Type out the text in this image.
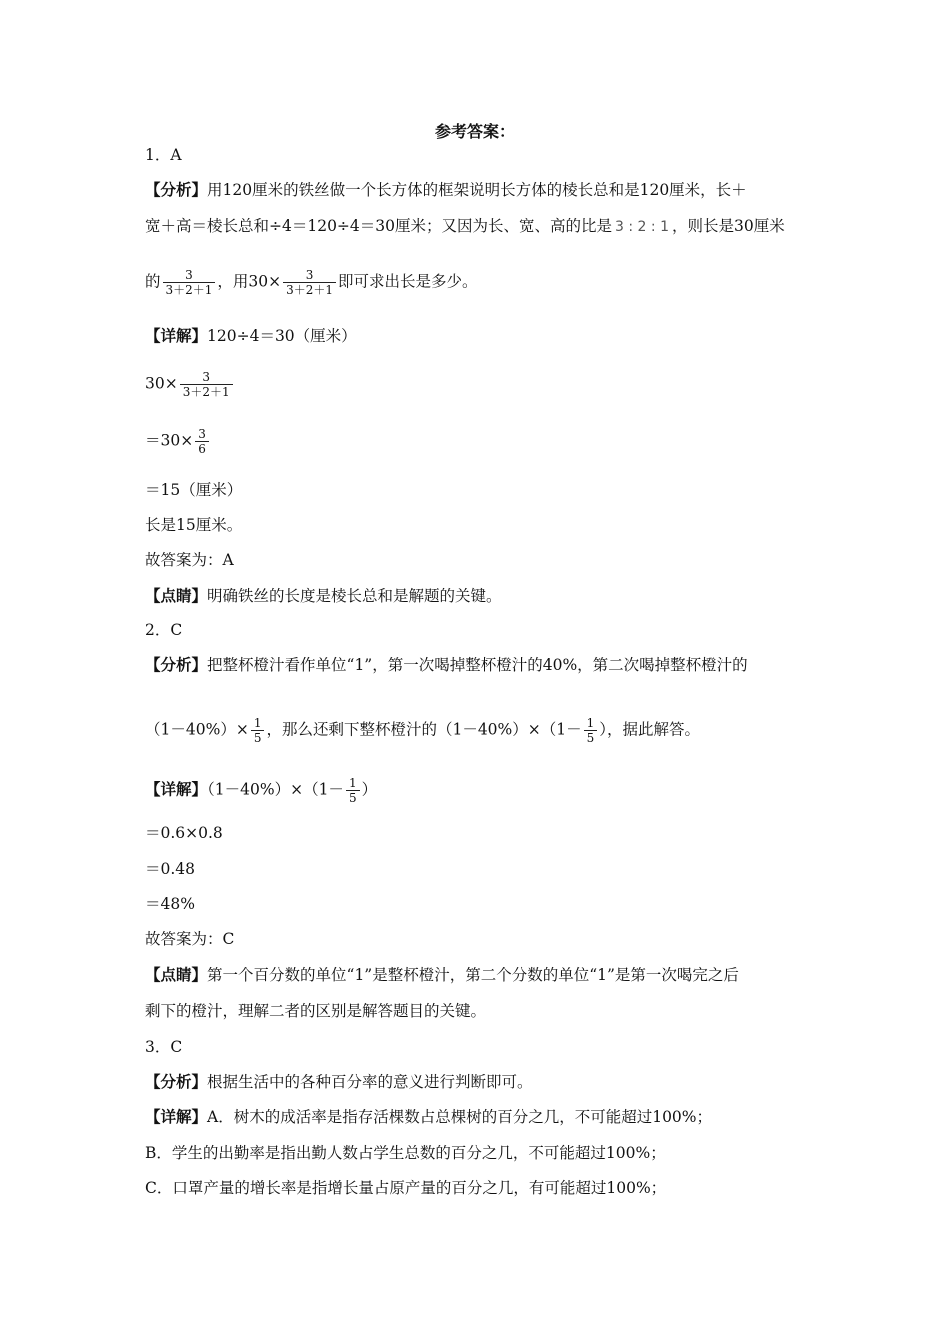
参考答案：
1．A
【分析】用120厘米的铁丝做一个长方体的框架说明长方体的棱长总和是120厘米，长＋
宽＋高＝棱长总和÷4＝120÷4＝30厘米；又因为长、宽、高的比是 3 : 2 : 1 ，则长是30厘米
的 $\frac{3}{3+2+1}$ ，用$30\times \frac{3}{3+2+1}$ 即可求出长是多少。
【详解】120÷4＝30（厘米）
$30\times \frac{3}{3+2+1}$
$=30\times \frac{3}{6}$
＝15（厘米）
长是15厘米。
故答案为：A
【点睛】明确铁丝的长度是棱长总和是解题的关键。
2．C
【分析】把整杯橙汁看作单位“1”，第一次喝掉整杯橙汁的40%，第二次喝掉整杯橙汁的
$(1-40\%)\times \frac{1}{5}$ ，那么还剩下整杯橙汁的$(1-40\%)\times(1- \frac{1}{5}$ ），据此解答。
【详解】$(1-40\%)\times(1- \frac{1}{5}$ ）
＝0.6×0.8
＝0.48
＝48%
故答案为：C
【点睛】第一个百分数的单位“1”是整杯橙汁，第二个分数的单位“1”是第一次喝完之后
剩下的橙汁，理解二者的区别是解答题目的关键。
3．C
【分析】根据生活中的各种百分率的意义进行判断即可。
【详解】A．树木的成活率是指存活棵数占总棵树的百分之几，不可能超过100%；
B．学生的出勤率是指出勤人数占学生总数的百分之几，不可能超过100%；
C．口罩产量的增长率是指增长量占原产量的百分之几，有可能超过100%；
